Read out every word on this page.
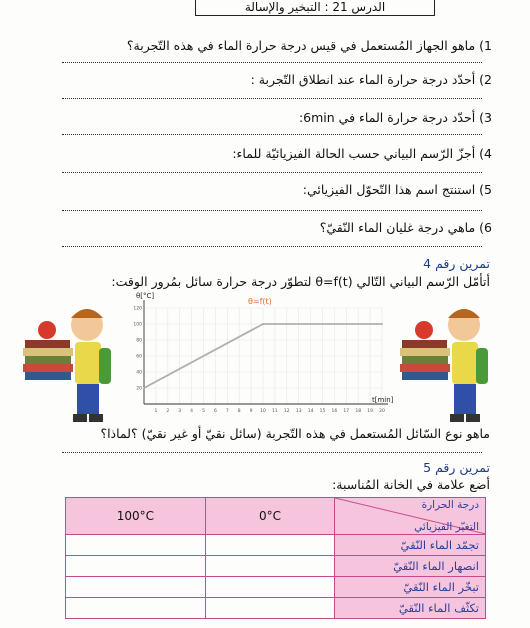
الدرس 21 : التبخير والإسالة
1) ماهو الجهاز المُستعمل في قيس درجة حرارة الماء في هذه التّجربة؟
2) أحدّد درجة حرارة الماء عند انطلاق التّجربة :
3) أحدّد درجة حرارة الماء في 6min:
4) أجزّ الرّسم البياني حسب الحالة الفيزيائيّة للماء:
5) استنتج اسم هذا التّحوّل الفيزيائي:
6) ماهي درجة غليان الماء النّقيّ؟
تمرين رقم 4
أتأمّل الرّسم البياني التّالي θ=f(t) لتطوّر درجة حرارة سائل بمُرور الوقت:
1 2 3 4 5 6 7 8 9 10 11 12 13 14 15 16 17 18 19 20
20
40
60
80
100
120
θ=f(t)
θ[°C]
t[min]
ماهو نوع السّائل المُستعمل في هذه التّجربة (سائل نقيّ أو غير نقيّ) ؟لماذا؟
تمرين رقم 5
أضع علامة في الخانة المُناسبة:
100°C	0°C	درجة الحرارة
التغيّر الفيزيائي

		تجمّد الماء النّقيّ
		انصهار الماء النّقيّ
		تبخّر الماء النّقيّ
		تكثّف الماء النّقيّ
